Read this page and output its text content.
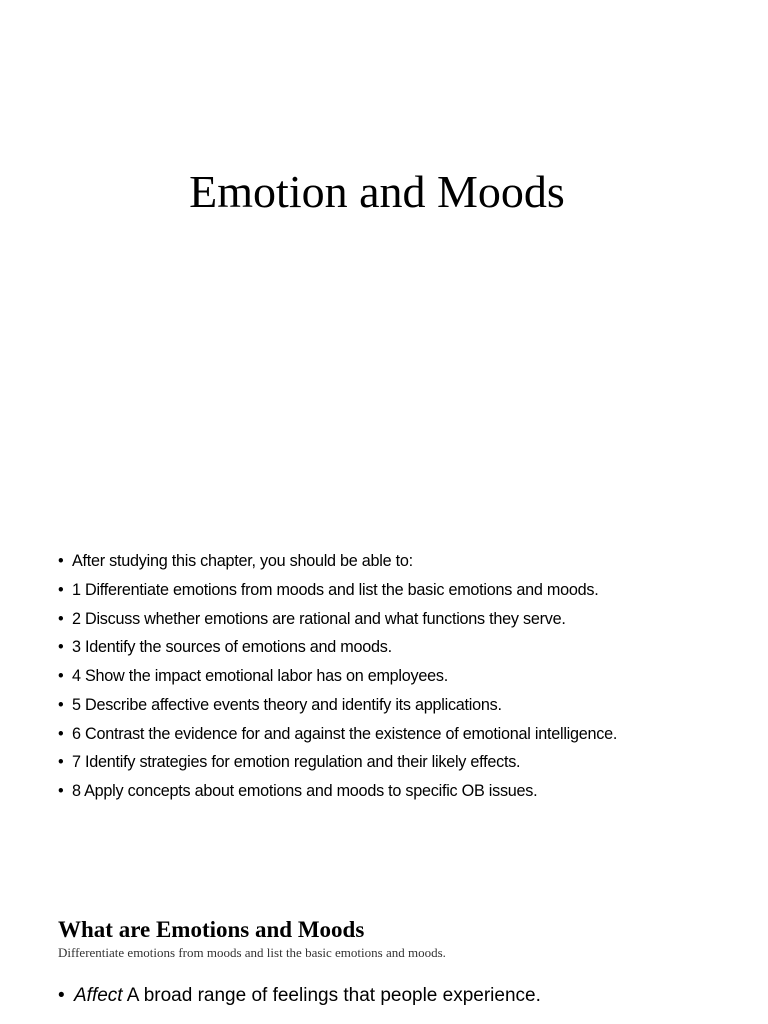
Emotion and Moods
• After studying this chapter, you should be able to:
• 1 Differentiate emotions from moods and list the basic emotions and moods.
• 2 Discuss whether emotions are rational and what functions they serve.
• 3 Identify the sources of emotions and moods.
• 4 Show the impact emotional labor has on employees.
• 5 Describe affective events theory and identify its applications.
• 6 Contrast the evidence for and against the existence of emotional intelligence.
• 7 Identify strategies for emotion regulation and their likely effects.
• 8 Apply concepts about emotions and moods to specific OB issues.
What are Emotions and Moods

Differentiate emotions from moods and list the basic emotions and moods.

• Affect A broad range of feelings that people experience.
